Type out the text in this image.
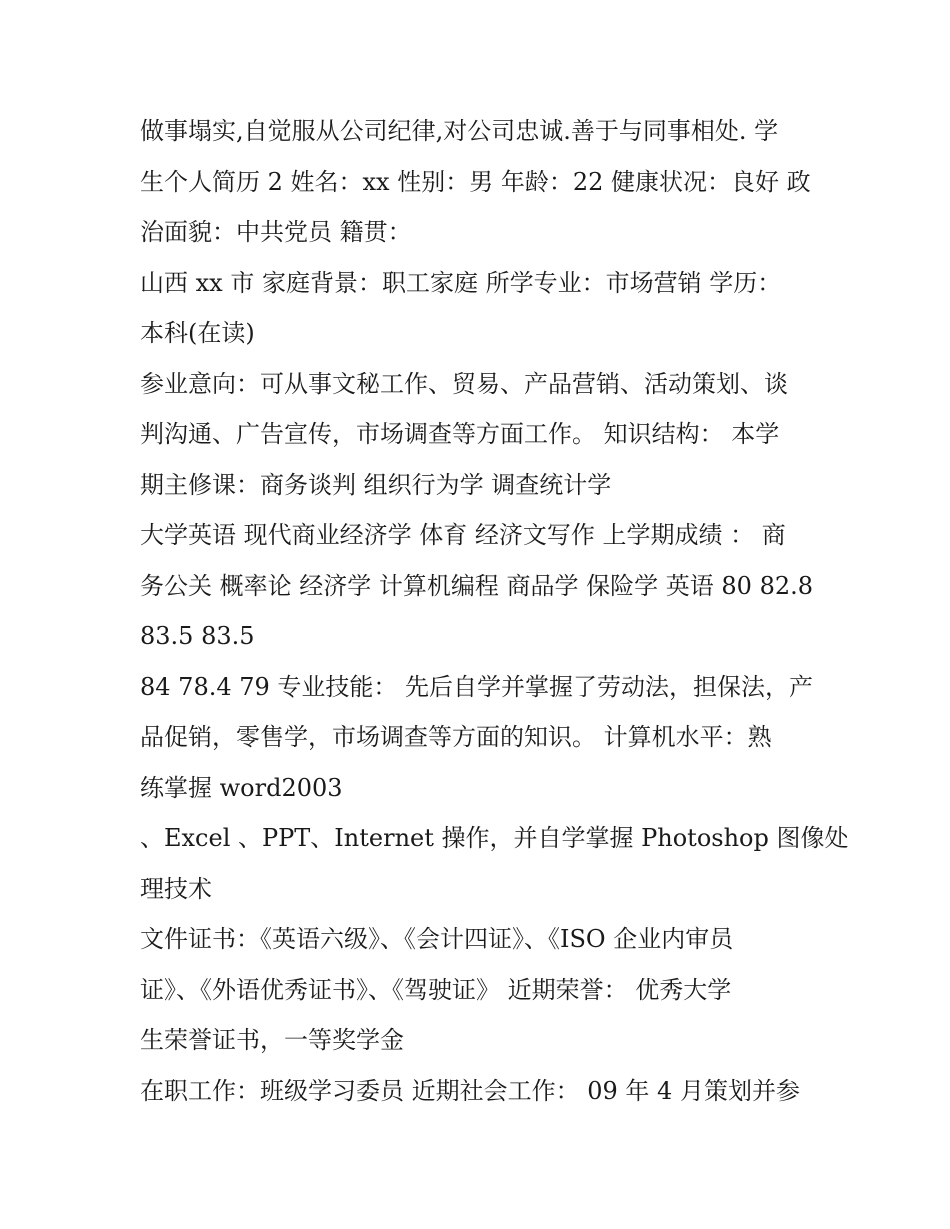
做事塌实,自觉服从公司纪律,对公司忠诚.善于与同事相处. 学
生个人简历 2 姓名：xx 性别：男 年龄：22 健康状况：良好 政
治面貌：中共党员 籍贯：
山西 xx 市 家庭背景：职工家庭 所学专业：市场营销 学历：
本科(在读)
参业意向：可从事文秘工作、贸易、产品营销、活动策划、谈
判沟通、广告宣传，市场调查等方面工作。 知识结构： 本学
期主修课：商务谈判 组织行为学 调查统计学
大学英语 现代商业经济学 体育 经济文写作 上学期成绩 ： 商
务公关 概率论 经济学 计算机编程 商品学 保险学 英语 80 82.8
83.5 83.5
84 78.4 79 专业技能： 先后自学并掌握了劳动法，担保法，产
品促销，零售学，市场调查等方面的知识。 计算机水平：熟
练掌握 word2003
、Excel 、PPT、Internet 操作，并自学掌握 Photoshop 图像处
理技术
文件证书：《英语六级》、《会计四证》、《ISO 企业内审员
证》、《外语优秀证书》、《驾驶证》 近期荣誉： 优秀大学
生荣誉证书，一等奖学金
在职工作：班级学习委员 近期社会工作： 09 年 4 月策划并参
